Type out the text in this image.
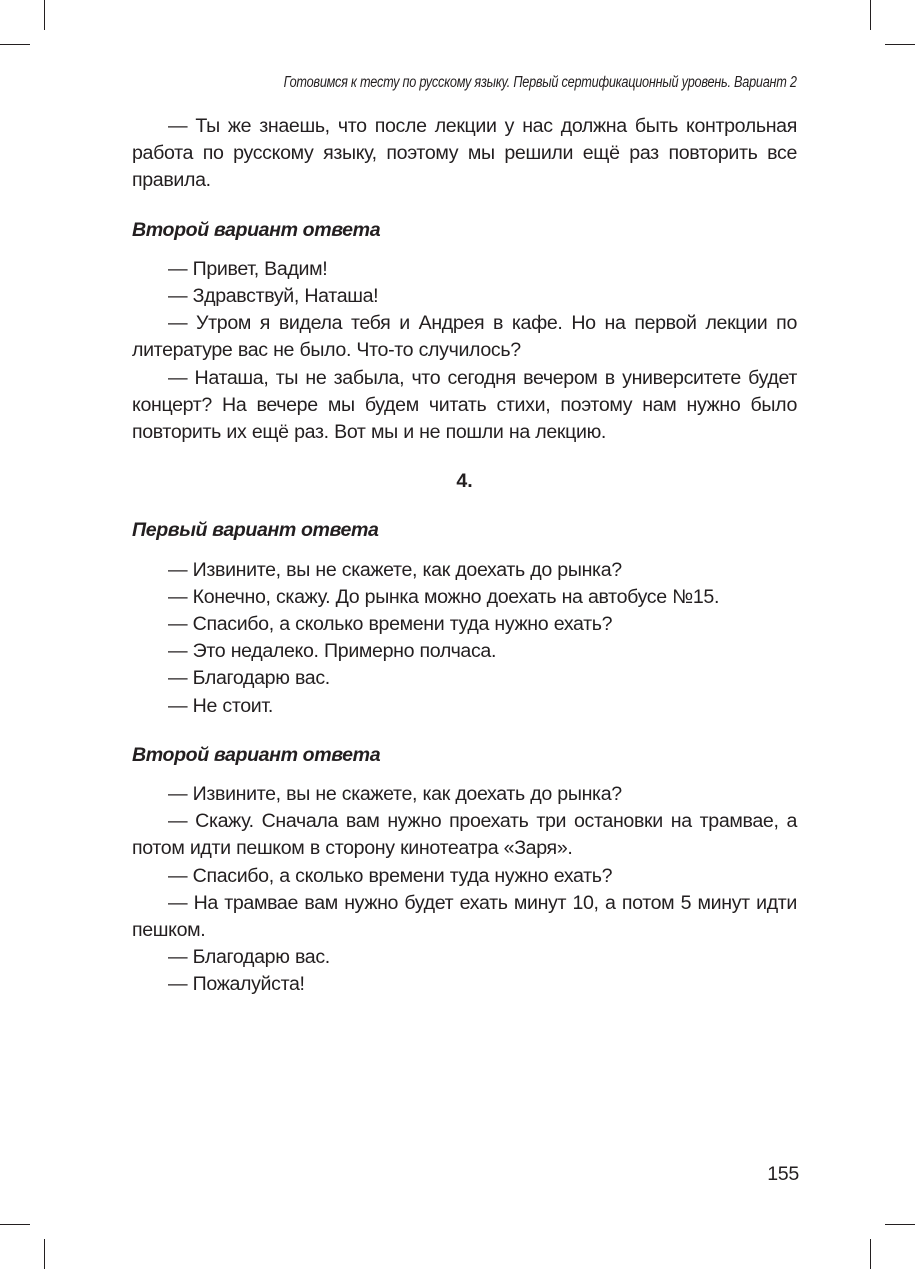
Готовимся к тесту по русскому языку. Первый сертификационный уровень. Вариант 2

— Ты же знаешь, что после лекции у нас должна быть контрольная работа по русскому языку, поэтому мы решили ещё раз повторить все правила.

Второй вариант ответа

— Привет, Вадим!

— Здравствуй, Наташа!

— Утром я видела тебя и Андрея в кафе. Но на первой лекции по литературе вас не было. Что-то случилось?

— Наташа, ты не забыла, что сегодня вечером в университете будет концерт? На вечере мы будем читать стихи, поэтому нам нужно было повторить их ещё раз. Вот мы и не пошли на лекцию.

4.

Первый вариант ответа

— Извините, вы не скажете, как доехать до рынка?

— Конечно, скажу. До рынка можно доехать на автобусе №15.

— Спасибо, а сколько времени туда нужно ехать?

— Это недалеко. Примерно полчаса.

— Благодарю вас.

— Не стоит.

Второй вариант ответа

— Извините, вы не скажете, как доехать до рынка?

— Скажу. Сначала вам нужно проехать три остановки на трамвае, а потом идти пешком в сторону кинотеатра «Заря».

— Спасибо, а сколько времени туда нужно ехать?

— На трамвае вам нужно будет ехать минут 10, а потом 5 минут идти пешком.

— Благодарю вас.

— Пожалуйста!

155
